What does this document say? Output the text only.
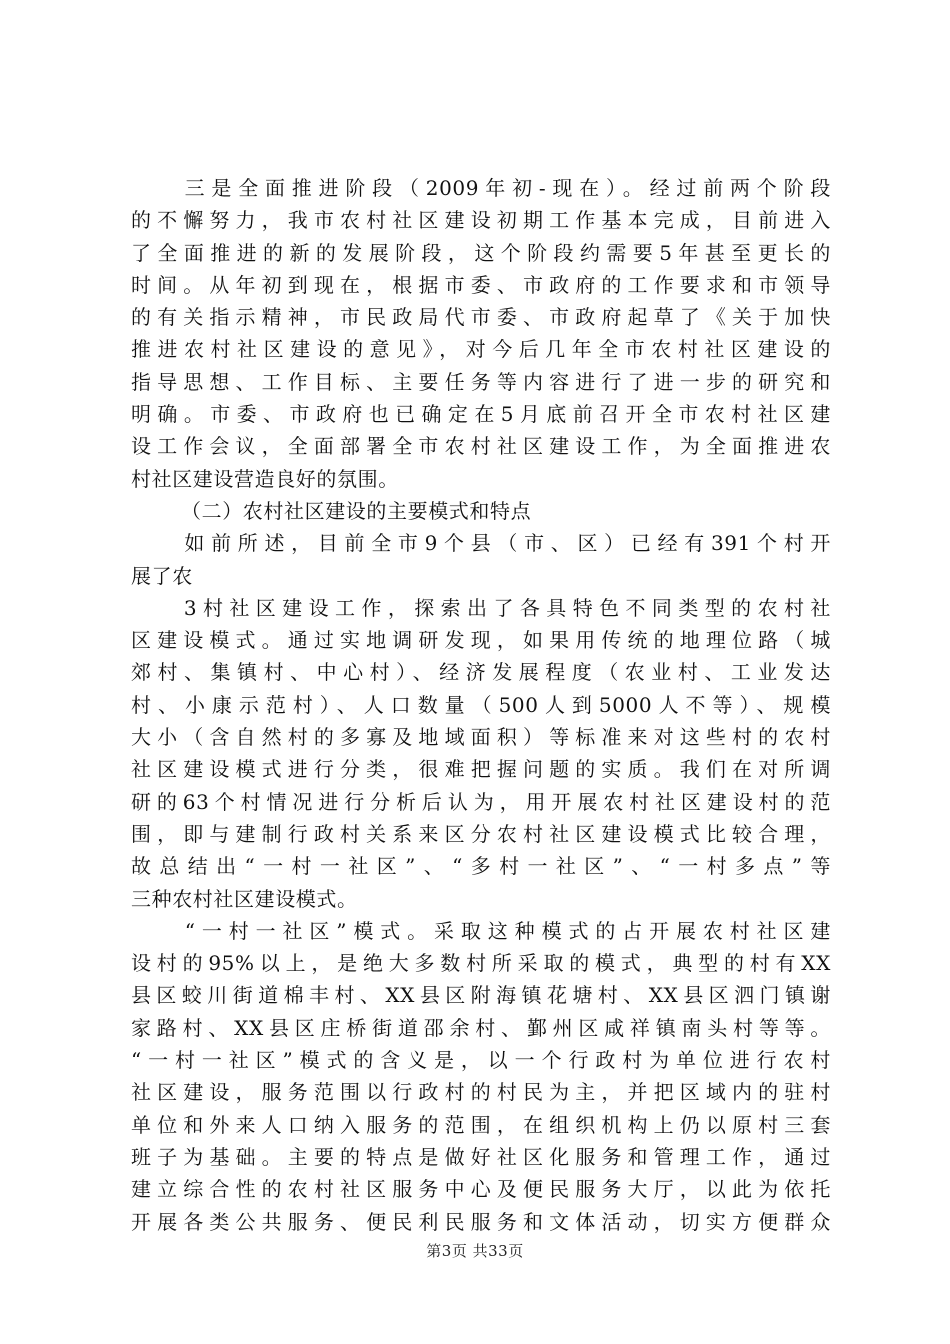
　　三是全面推进阶段（2009年初-现在）。经过前两个阶段
的不懈努力，我市农村社区建设初期工作基本完成，目前进入
了全面推进的新的发展阶段，这个阶段约需要5年甚至更长的
时间。从年初到现在，根据市委、市政府的工作要求和市领导
的有关指示精神，市民政局代市委、市政府起草了《关于加快
推进农村社区建设的意见》，对今后几年全市农村社区建设的
指导思想、工作目标、主要任务等内容进行了进一步的研究和
明确。市委、市政府也已确定在5月底前召开全市农村社区建
设工作会议，全面部署全市农村社区建设工作，为全面推进农
村社区建设营造良好的氛围。
（二）农村社区建设的主要模式和特点
　　如前所述，目前全市9个县（市、区）已经有391个村开
展了农
　　3村社区建设工作，探索出了各具特色不同类型的农村社
区建设模式。通过实地调研发现，如果用传统的地理位路（城
郊村、集镇村、中心村）、经济发展程度（农业村、工业发达
村、小康示范村）、人口数量（500人到5000人不等）、规模
大小（含自然村的多寡及地域面积）等标准来对这些村的农村
社区建设模式进行分类，很难把握问题的实质。我们在对所调
研的63个村情况进行分析后认为，用开展农村社区建设村的范
围，即与建制行政村关系来区分农村社区建设模式比较合理，
故总结出“一村一社区”、“多村一社区”、“一村多点”等
三种农村社区建设模式。
　　“一村一社区”模式。采取这种模式的占开展农村社区建
设村的95%以上，是绝大多数村所采取的模式，典型的村有XX
县区蛟川街道棉丰村、XX县区附海镇花塘村、XX县区泗门镇谢
家路村、XX县区庄桥街道邵余村、鄞州区咸祥镇南头村等等。
“一村一社区”模式的含义是，以一个行政村为单位进行农村
社区建设，服务范围以行政村的村民为主，并把区域内的驻村
单位和外来人口纳入服务的范围，在组织机构上仍以原村三套
班子为基础。主要的特点是做好社区化服务和管理工作，通过
建立综合性的农村社区服务中心及便民服务大厅，以此为依托
开展各类公共服务、便民利民服务和文体活动，切实方便群众
第3页 共33页
